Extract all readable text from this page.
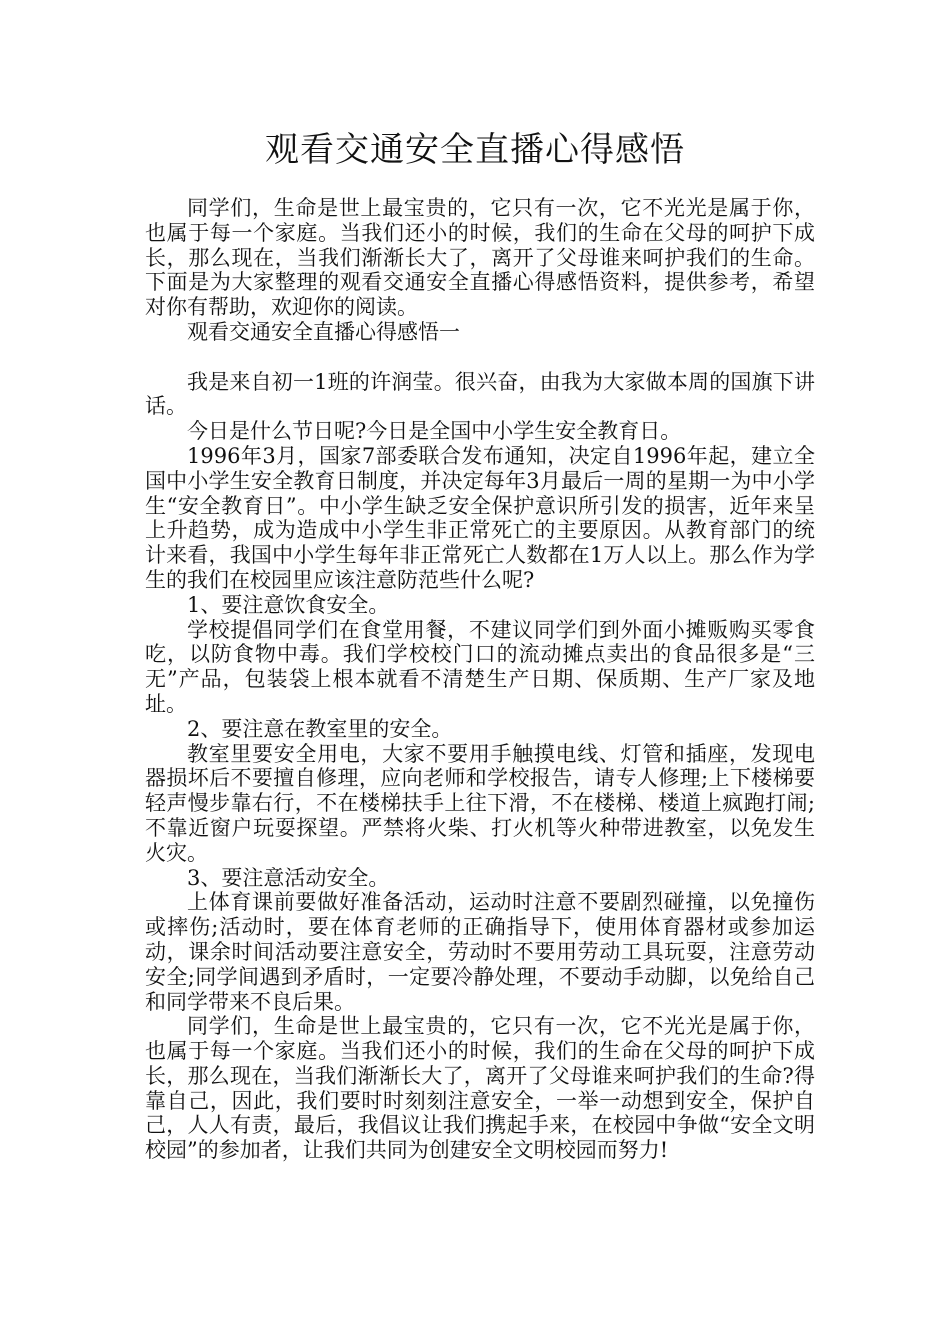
观看交通安全直播心得感悟

同学们，生命是世上最宝贵的，它只有一次，它不光光是属于你，也属于每一个家庭。当我们还小的时候，我们的生命在父母的呵护下成长，那么现在，当我们渐渐长大了，离开了父母谁来呵护我们的生命。下面是为大家整理的观看交通安全直播心得感悟资料，提供参考，希望对你有帮助，欢迎你的阅读。

观看交通安全直播心得感悟一

我是来自初一1班的许润莹。很兴奋，由我为大家做本周的国旗下讲话。

今日是什么节日呢?今日是全国中小学生安全教育日。

1996年3月，国家7部委联合发布通知，决定自1996年起，建立全国中小学生安全教育日制度，并决定每年3月最后一周的星期一为中小学生“安全教育日”。中小学生缺乏安全保护意识所引发的损害，近年来呈上升趋势，成为造成中小学生非正常死亡的主要原因。从教育部门的统计来看，我国中小学生每年非正常死亡人数都在1万人以上。那么作为学生的我们在校园里应该注意防范些什么呢?

1、要注意饮食安全。

学校提倡同学们在食堂用餐，不建议同学们到外面小摊贩购买零食吃，以防食物中毒。我们学校校门口的流动摊点卖出的食品很多是“三无”产品，包装袋上根本就看不清楚生产日期、保质期、生产厂家及地址。

2、要注意在教室里的安全。

教室里要安全用电，大家不要用手触摸电线、灯管和插座，发现电器损坏后不要擅自修理，应向老师和学校报告，请专人修理;上下楼梯要轻声慢步靠右行，不在楼梯扶手上往下滑，不在楼梯、楼道上疯跑打闹;不靠近窗户玩耍探望。严禁将火柴、打火机等火种带进教室，以免发生火灾。

3、要注意活动安全。

上体育课前要做好准备活动，运动时注意不要剧烈碰撞，以免撞伤或摔伤;活动时，要在体育老师的正确指导下，使用体育器材或参加运动，课余时间活动要注意安全，劳动时不要用劳动工具玩耍，注意劳动安全;同学间遇到矛盾时，一定要冷静处理，不要动手动脚，以免给自己和同学带来不良后果。

同学们，生命是世上最宝贵的，它只有一次，它不光光是属于你，也属于每一个家庭。当我们还小的时候，我们的生命在父母的呵护下成长，那么现在，当我们渐渐长大了，离开了父母谁来呵护我们的生命?得靠自己，因此，我们要时时刻刻注意安全，一举一动想到安全，保护自己，人人有责，最后，我倡议让我们携起手来，在校园中争做“安全文明校园”的参加者，让我们共同为创建安全文明校园而努力!
